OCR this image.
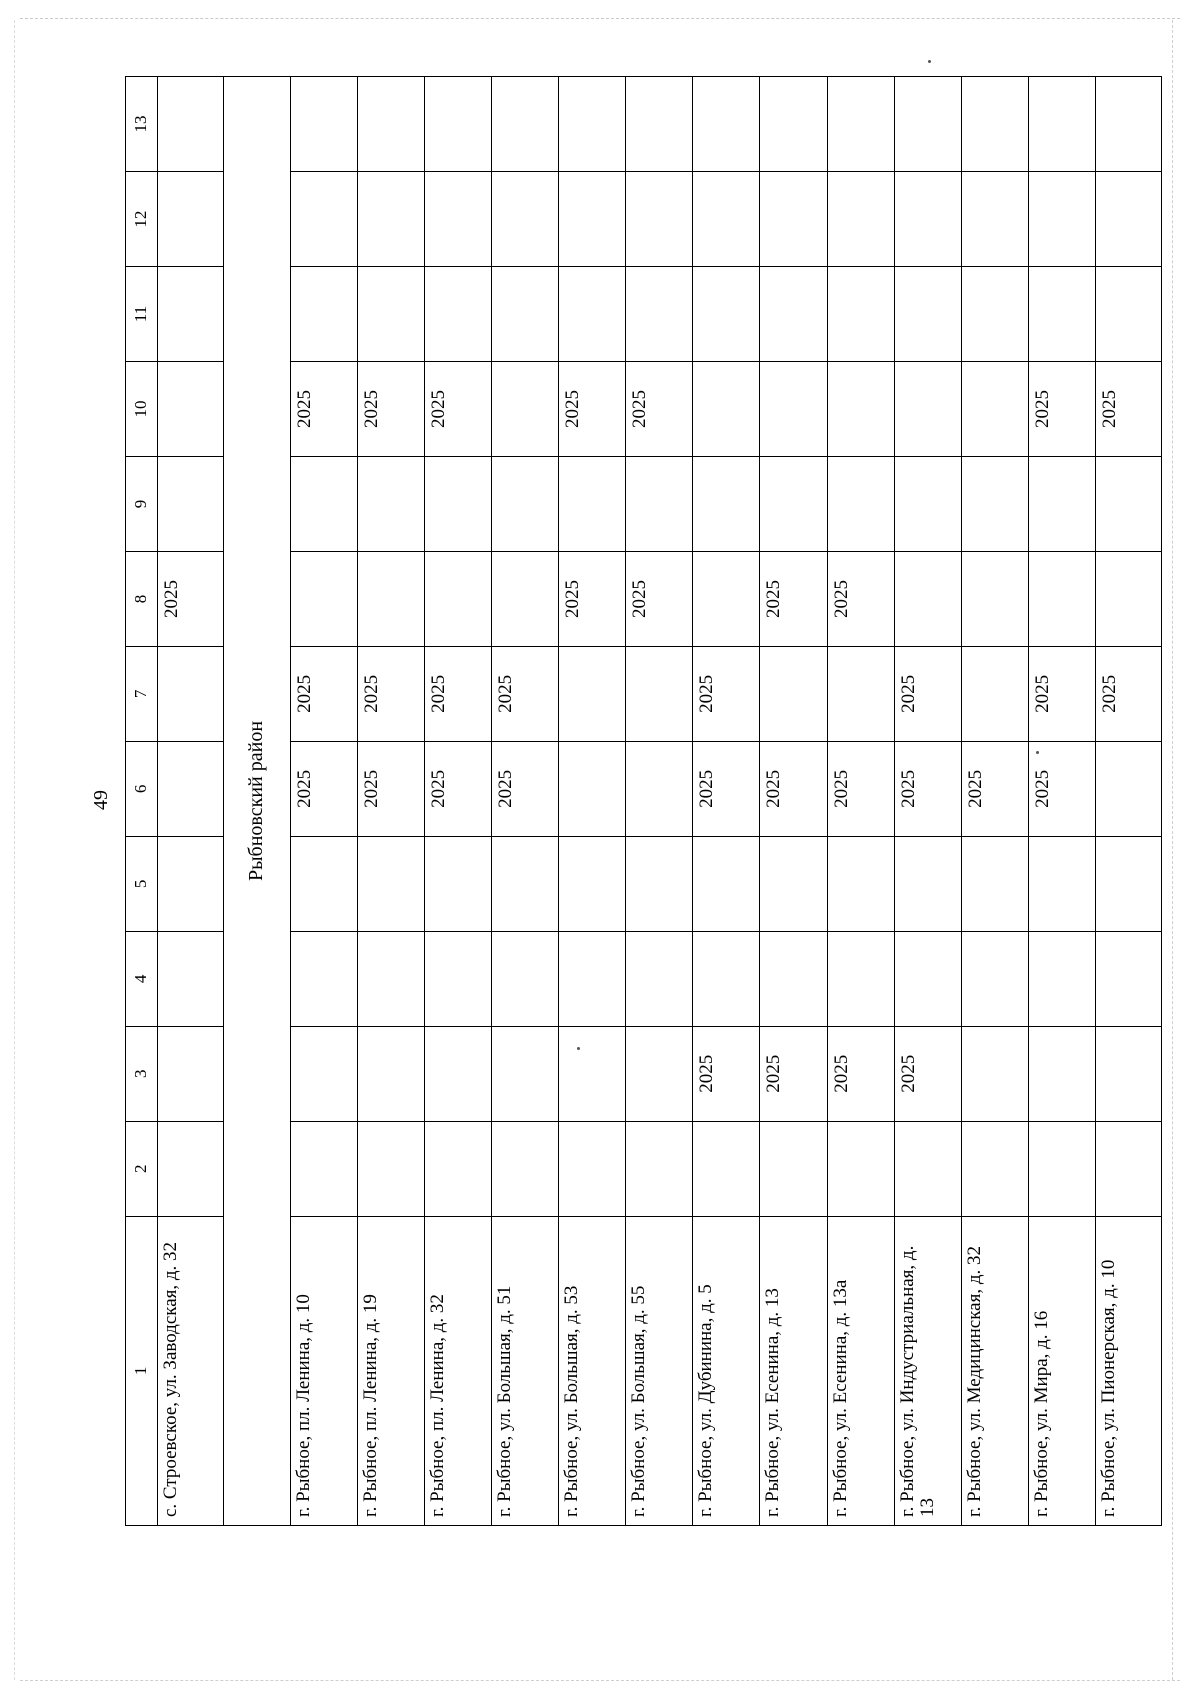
49
1	2	3	4	5	6	7	8	9	10	11	12	13
с. Строевское, ул. Заводская, д. 32							2025					
Рыбновский район												
г. Рыбное, пл. Ленина, д. 10					2025	2025			2025			
г. Рыбное, пл. Ленина, д. 19					2025	2025			2025			
г. Рыбное, пл. Ленина, д. 32					2025	2025			2025			
г. Рыбное, ул. Большая, д. 51					2025	2025						
г. Рыбное, ул. Большая, д. 53							2025		2025			
г. Рыбное, ул. Большая, д. 55							2025		2025			
г. Рыбное, ул. Дубинина, д. 5		2025			2025	2025						
г. Рыбное, ул. Есенина, д. 13		2025			2025		2025					
г. Рыбное, ул. Есенина, д. 13а		2025			2025		2025					
г. Рыбное, ул. Индустриальная, д. 13		2025			2025	2025						
г. Рыбное, ул. Медицинская, д. 32					2025							
г. Рыбное, ул. Мира, д. 16					2025	2025			2025			
г. Рыбное, ул. Пионерская, д. 10						2025			2025			
